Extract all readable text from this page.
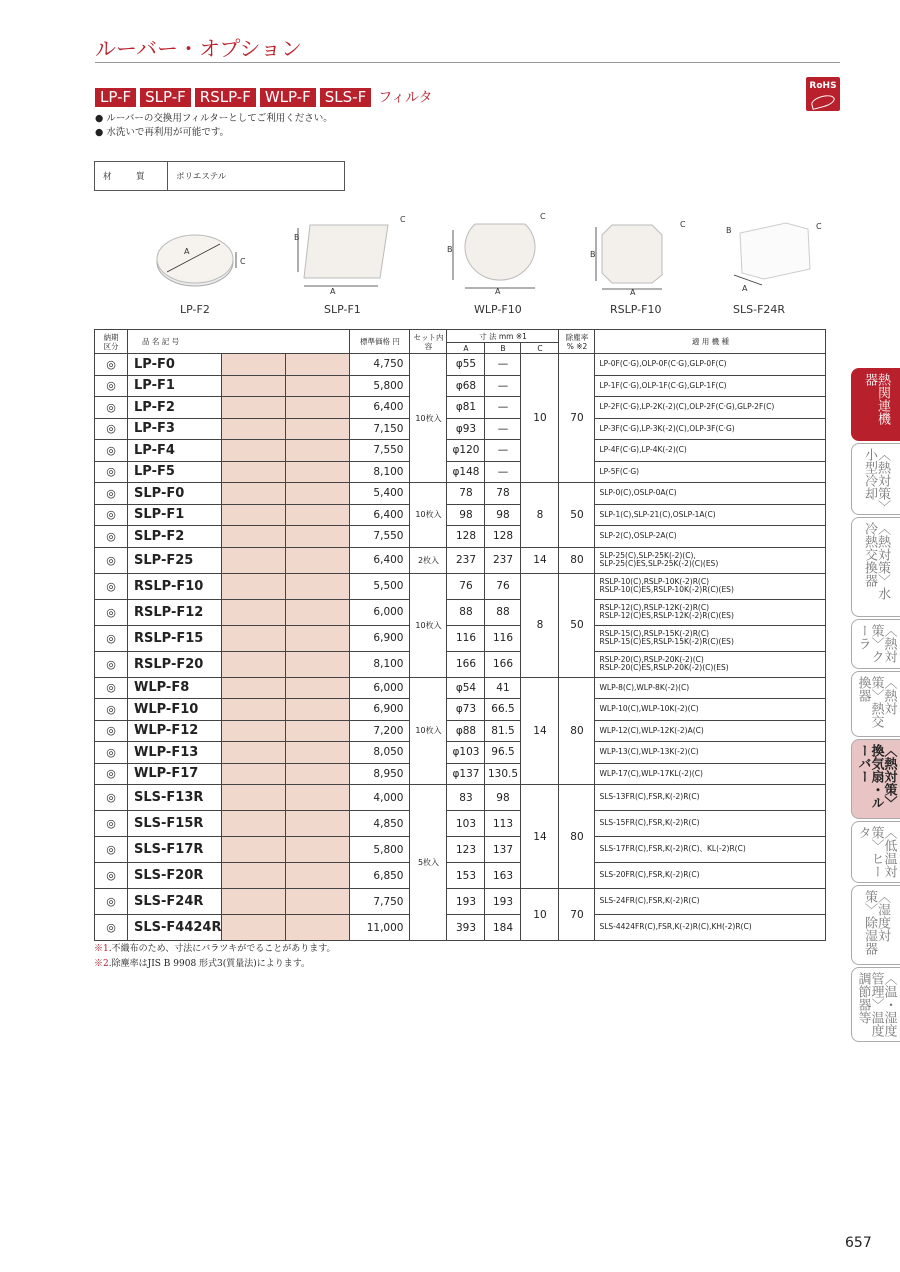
ルーバー・オプション
LP-F SLP-F RSLP-F WLP-F SLS-F フィルタ
RoHS
● ルーバーの交換用フィルターとしてご利用ください。
● 水洗いで再利用が可能です。
材　質	ポリエステル
A
C
LP-F2
B
A
C
SLP-F1
B
A
C
WLP-F10
B
A
C
RSLP-F10
B
A
C
SLS-F24R
納期
区分	品 名 記 号			標準価格 円	セット内容	寸 法 mm ※1			除塵率
% ※2	適 用 機 種
						A	B	C		
◎	LP-F0			4,750	10枚入	φ55	—	10	70	LP-0F(C·G),OLP-0F(C·G),GLP-0F(C)
◎	LP-F1			5,800		φ68	—			LP-1F(C·G),OLP-1F(C·G),GLP-1F(C)
◎	LP-F2			6,400		φ81	—			LP-2F(C·G),LP-2K(-2)(C),OLP-2F(C·G),GLP-2F(C)
◎	LP-F3			7,150		φ93	—			LP-3F(C·G),LP-3K(-2)(C),OLP-3F(C·G)
◎	LP-F4			7,550		φ120	—			LP-4F(C·G),LP-4K(-2)(C)
◎	LP-F5			8,100		φ148	—			LP-5F(C·G)
◎	SLP-F0			5,400	10枚入	78	78	8	50	SLP-0(C),OSLP-0A(C)
◎	SLP-F1			6,400		98	98			SLP-1(C),SLP-21(C),OSLP-1A(C)
◎	SLP-F2			7,550		128	128			SLP-2(C),OSLP-2A(C)
◎	SLP-F25			6,400	2枚入	237	237	14	80	SLP-25(C),SLP-25K(-2)(C),
SLP-25(C)ES,SLP-25K(-2)(C)(ES)
◎	RSLP-F10			5,500	10枚入	76	76	8	50	RSLP-10(C),RSLP-10K(-2)R(C)
RSLP-10(C)ES,RSLP-10K(-2)R(C)(ES)
◎	RSLP-F12			6,000		88	88			RSLP-12(C),RSLP-12K(-2)R(C)
RSLP-12(C)ES,RSLP-12K(-2)R(C)(ES)
◎	RSLP-F15			6,900		116	116			RSLP-15(C),RSLP-15K(-2)R(C)
RSLP-15(C)ES,RSLP-15K(-2)R(C)(ES)
◎	RSLP-F20			8,100		166	166			RSLP-20(C),RSLP-20K(-2)(C)
RSLP-20(C)ES,RSLP-20K(-2)(C)(ES)
◎	WLP-F8			6,000	10枚入	φ54	41	14	80	WLP-8(C),WLP-8K(-2)(C)
◎	WLP-F10			6,900		φ73	66.5			WLP-10(C),WLP-10K(-2)(C)
◎	WLP-F12			7,200		φ88	81.5			WLP-12(C),WLP-12K(-2)A(C)
◎	WLP-F13			8,050		φ103	96.5			WLP-13(C),WLP-13K(-2)(C)
◎	WLP-F17			8,950		φ137	130.5			WLP-17(C),WLP-17KL(-2)(C)
◎	SLS-F13R			4,000	5枚入	83	98	14	80	SLS-13FR(C),FSR,K(-2)R(C)
◎	SLS-F15R			4,850		103	113			SLS-15FR(C),FSR,K(-2)R(C)
◎	SLS-F17R			5,800		123	137			SLS-17FR(C),FSR,K(-2)R(C)、KL(-2)R(C)
◎	SLS-F20R			6,850		153	163			SLS-20FR(C),FSR,K(-2)R(C)
◎	SLS-F24R			7,750		193	193	10	70	SLS-24FR(C),FSR,K(-2)R(C)
◎	SLS-F4424R			11,000		393	184			SLS-4424FR(C),FSR,K(-2)R(C),KH(-2)R(C)
※1.不織布のため、寸法にバラツキがでることがあります。
※2.除塵率はJIS B 9908 形式3(質量法)によります。
熱関連機器
〈熱対策〉小型冷却
〈熱対策〉水冷熱交換器
〈熱対策〉クーラ
〈熱対策〉熱交換器
〈熱対策〉換気扇・ルーバー
〈低温対策〉ヒータ
〈湿度対策〉除湿器
〈温・湿度管理〉温度調節器等
657
